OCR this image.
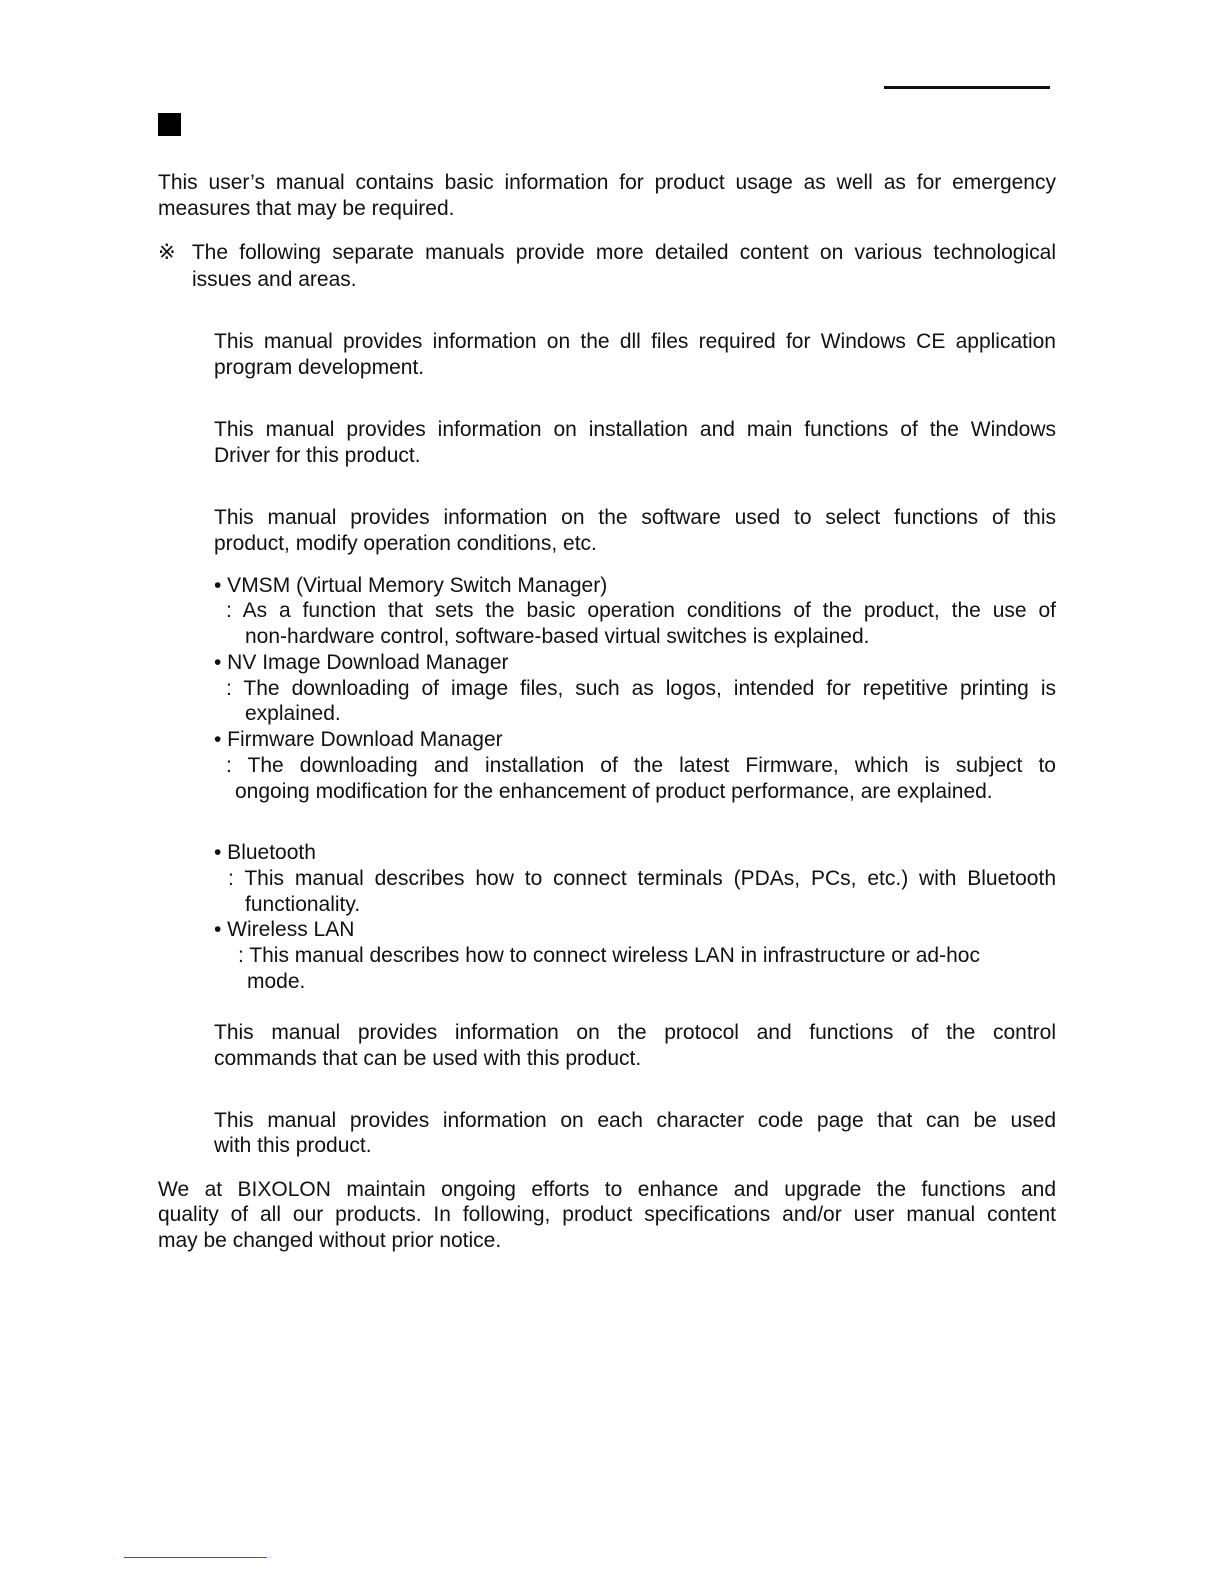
This user’s manual contains basic information for product usage as well as for emergency

measures that may be required.

※ The following separate manuals provide more detailed content on various technological

issues and areas.

This manual provides information on the dll files required for Windows CE application

program development.

This manual provides information on installation and main functions of the Windows

Driver for this product.

This manual provides information on the software used to select functions of this

product, modify operation conditions, etc.

• VMSM (Virtual Memory Switch Manager)

: As a function that sets the basic operation conditions of the product, the use of

non-hardware control, software-based virtual switches is explained.

• NV Image Download Manager

: The downloading of image files, such as logos, intended for repetitive printing is

explained.

• Firmware Download Manager

: The downloading and installation of the latest Firmware, which is subject to

ongoing modification for the enhancement of product performance, are explained.

• Bluetooth

: This manual describes how to connect terminals (PDAs, PCs, etc.) with Bluetooth

functionality.

• Wireless LAN

: This manual describes how to connect wireless LAN in infrastructure or ad-hoc

mode.

This manual provides information on the protocol and functions of the control

commands that can be used with this product.

This manual provides information on each character code page that can be used

with this product.

We at BIXOLON maintain ongoing efforts to enhance and upgrade the functions and

quality of all our products. In following, product specifications and/or user manual content

may be changed without prior notice.
